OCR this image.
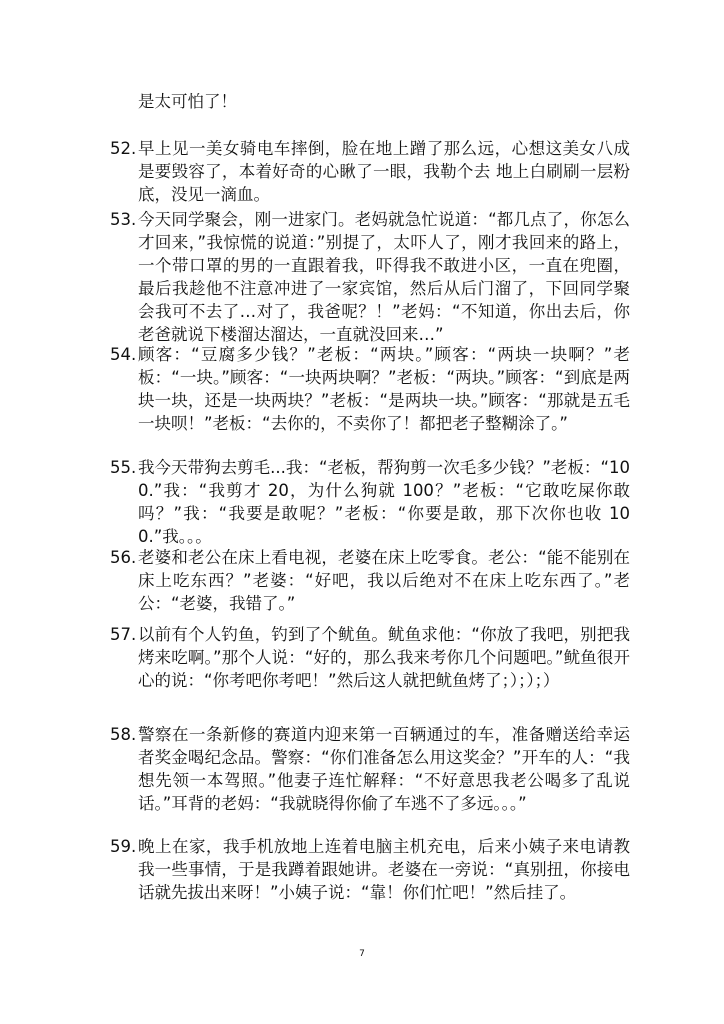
是太可怕了！
52. 早上见一美女骑电车摔倒，脸在地上蹭了那么远，心想这美女八成是要毁容了，本着好奇的心瞅了一眼，我勒个去 地上白刷刷一层粉底，没见一滴血。
53. 今天同学聚会，刚一进家门。老妈就急忙说道：“都几点了，你怎么才回来，”我惊慌的说道：”别提了，太吓人了，刚才我回来的路上，一个带口罩的男的一直跟着我，吓得我不敢进小区，一直在兜圈，最后我趁他不注意冲进了一家宾馆，然后从后门溜了，下回同学聚会我可不去了…对了，我爸呢？！”老妈：“不知道，你出去后，你老爸就说下楼溜达溜达，一直就没回来…”
54. 顾客：“豆腐多少钱？”老板：“两块。”顾客：“两块一块啊？”老板：“一块。”顾客：“一块两块啊？”老板：“两块。”顾客：“到底是两块一块，还是一块两块？”老板：“是两块一块。”顾客：“那就是五毛一块呗！”老板：“去你的，不卖你了！都把老子整糊涂了。”
55. 我今天带狗去剪毛...我：“老板，帮狗剪一次毛多少钱？”老板：“100.”我：“我剪才 20，为什么狗就 100？”老板：“它敢吃屎你敢吗？”我：“我要是敢呢？”老板：“你要是敢，那下次你也收 100.”我。。。
56. 老婆和老公在床上看电视，老婆在床上吃零食。老公：“能不能别在床上吃东西？”老婆：“好吧，我以后绝对不在床上吃东西了。”老公：“老婆，我错了。”
57. 以前有个人钓鱼，钓到了个鱿鱼。鱿鱼求他：“你放了我吧，别把我烤来吃啊。”那个人说：“好的，那么我来考你几个问题吧。”鱿鱼很开心的说：“你考吧你考吧！”然后这人就把鱿鱼烤了；）；）；）
58. 警察在一条新修的赛道内迎来第一百辆通过的车，准备赠送给幸运者奖金喝纪念品。警察：“你们准备怎么用这奖金？”开车的人：“我想先领一本驾照。”他妻子连忙解释：“不好意思我老公喝多了乱说话。”耳背的老妈：“我就晓得你偷了车逃不了多远。。。”
59. 晚上在家，我手机放地上连着电脑主机充电，后来小姨子来电请教我一些事情，于是我蹲着跟她讲。老婆在一旁说：“真别扭，你接电话就先拔出来呀！”小姨子说：“靠！你们忙吧！”然后挂了。
7
